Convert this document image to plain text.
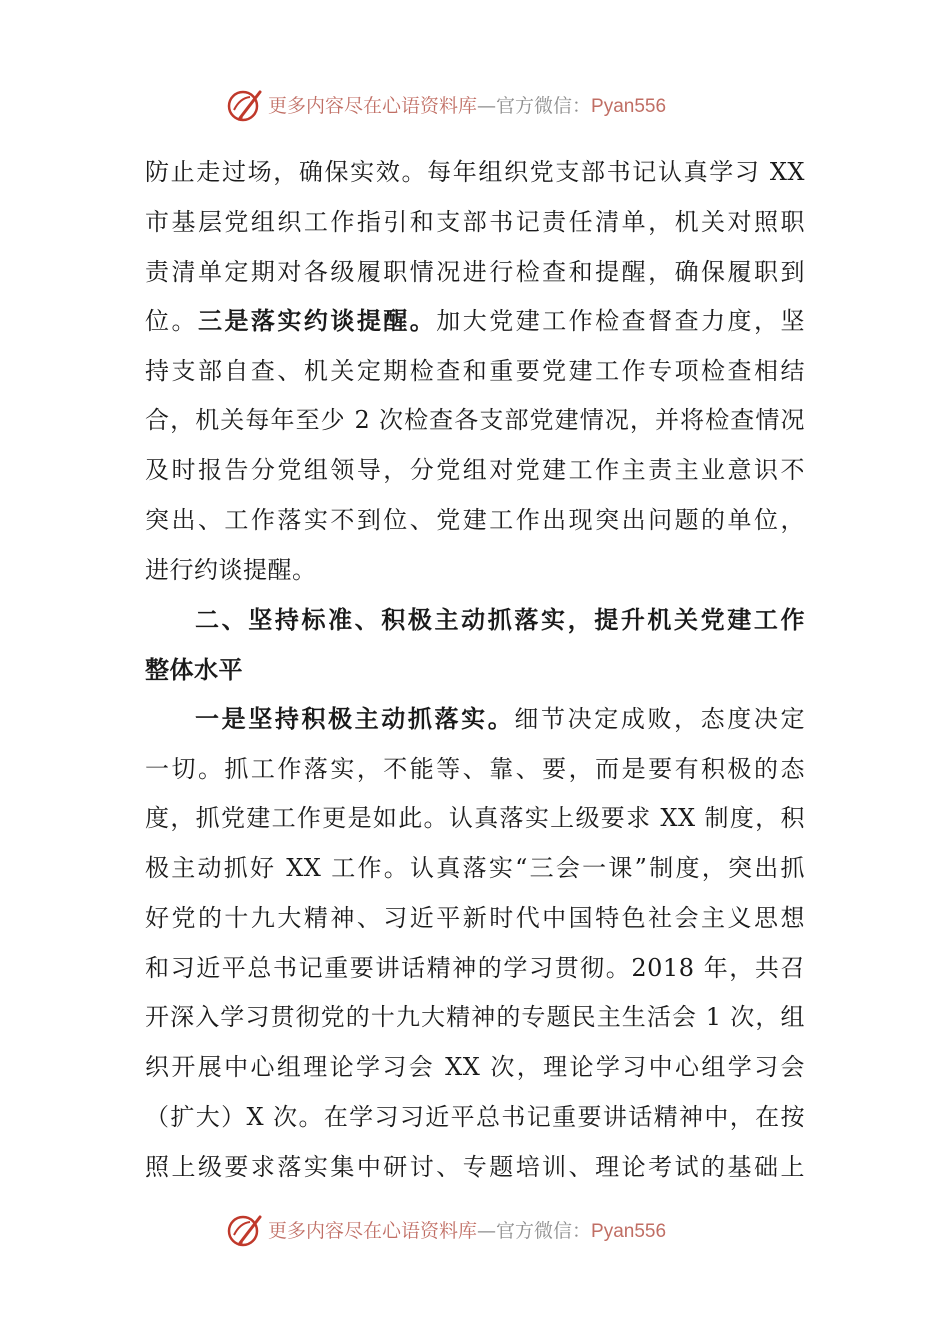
更多内容尽在心语资料库—官方微信：Pyan556
防止走过场，确保实效。每年组织党支部书记认真学习 XX
市基层党组织工作指引和支部书记责任清单，机关对照职
责清单定期对各级履职情况进行检查和提醒，确保履职到
位。三是落实约谈提醒。加大党建工作检查督查力度，坚
持支部自查、机关定期检查和重要党建工作专项检查相结
合，机关每年至少 2 次检查各支部党建情况，并将检查情况
及时报告分党组领导，分党组对党建工作主责主业意识不
突出、工作落实不到位、党建工作出现突出问题的单位，
进行约谈提醒。
二、坚持标准、积极主动抓落实，提升机关党建工作
整体水平
一是坚持积极主动抓落实。细节决定成败，态度决定
一切。抓工作落实，不能等、靠、要，而是要有积极的态
度，抓党建工作更是如此。认真落实上级要求 XX 制度，积
极主动抓好 XX 工作。认真落实“三会一课”制度，突出抓
好党的十九大精神、习近平新时代中国特色社会主义思想
和习近平总书记重要讲话精神的学习贯彻。2018 年，共召
开深入学习贯彻党的十九大精神的专题民主生活会 1 次，组
织开展中心组理论学习会 XX 次，理论学习中心组学习会
（扩大）X 次。在学习习近平总书记重要讲话精神中，在按
照上级要求落实集中研讨、专题培训、理论考试的基础上
更多内容尽在心语资料库—官方微信：Pyan556
